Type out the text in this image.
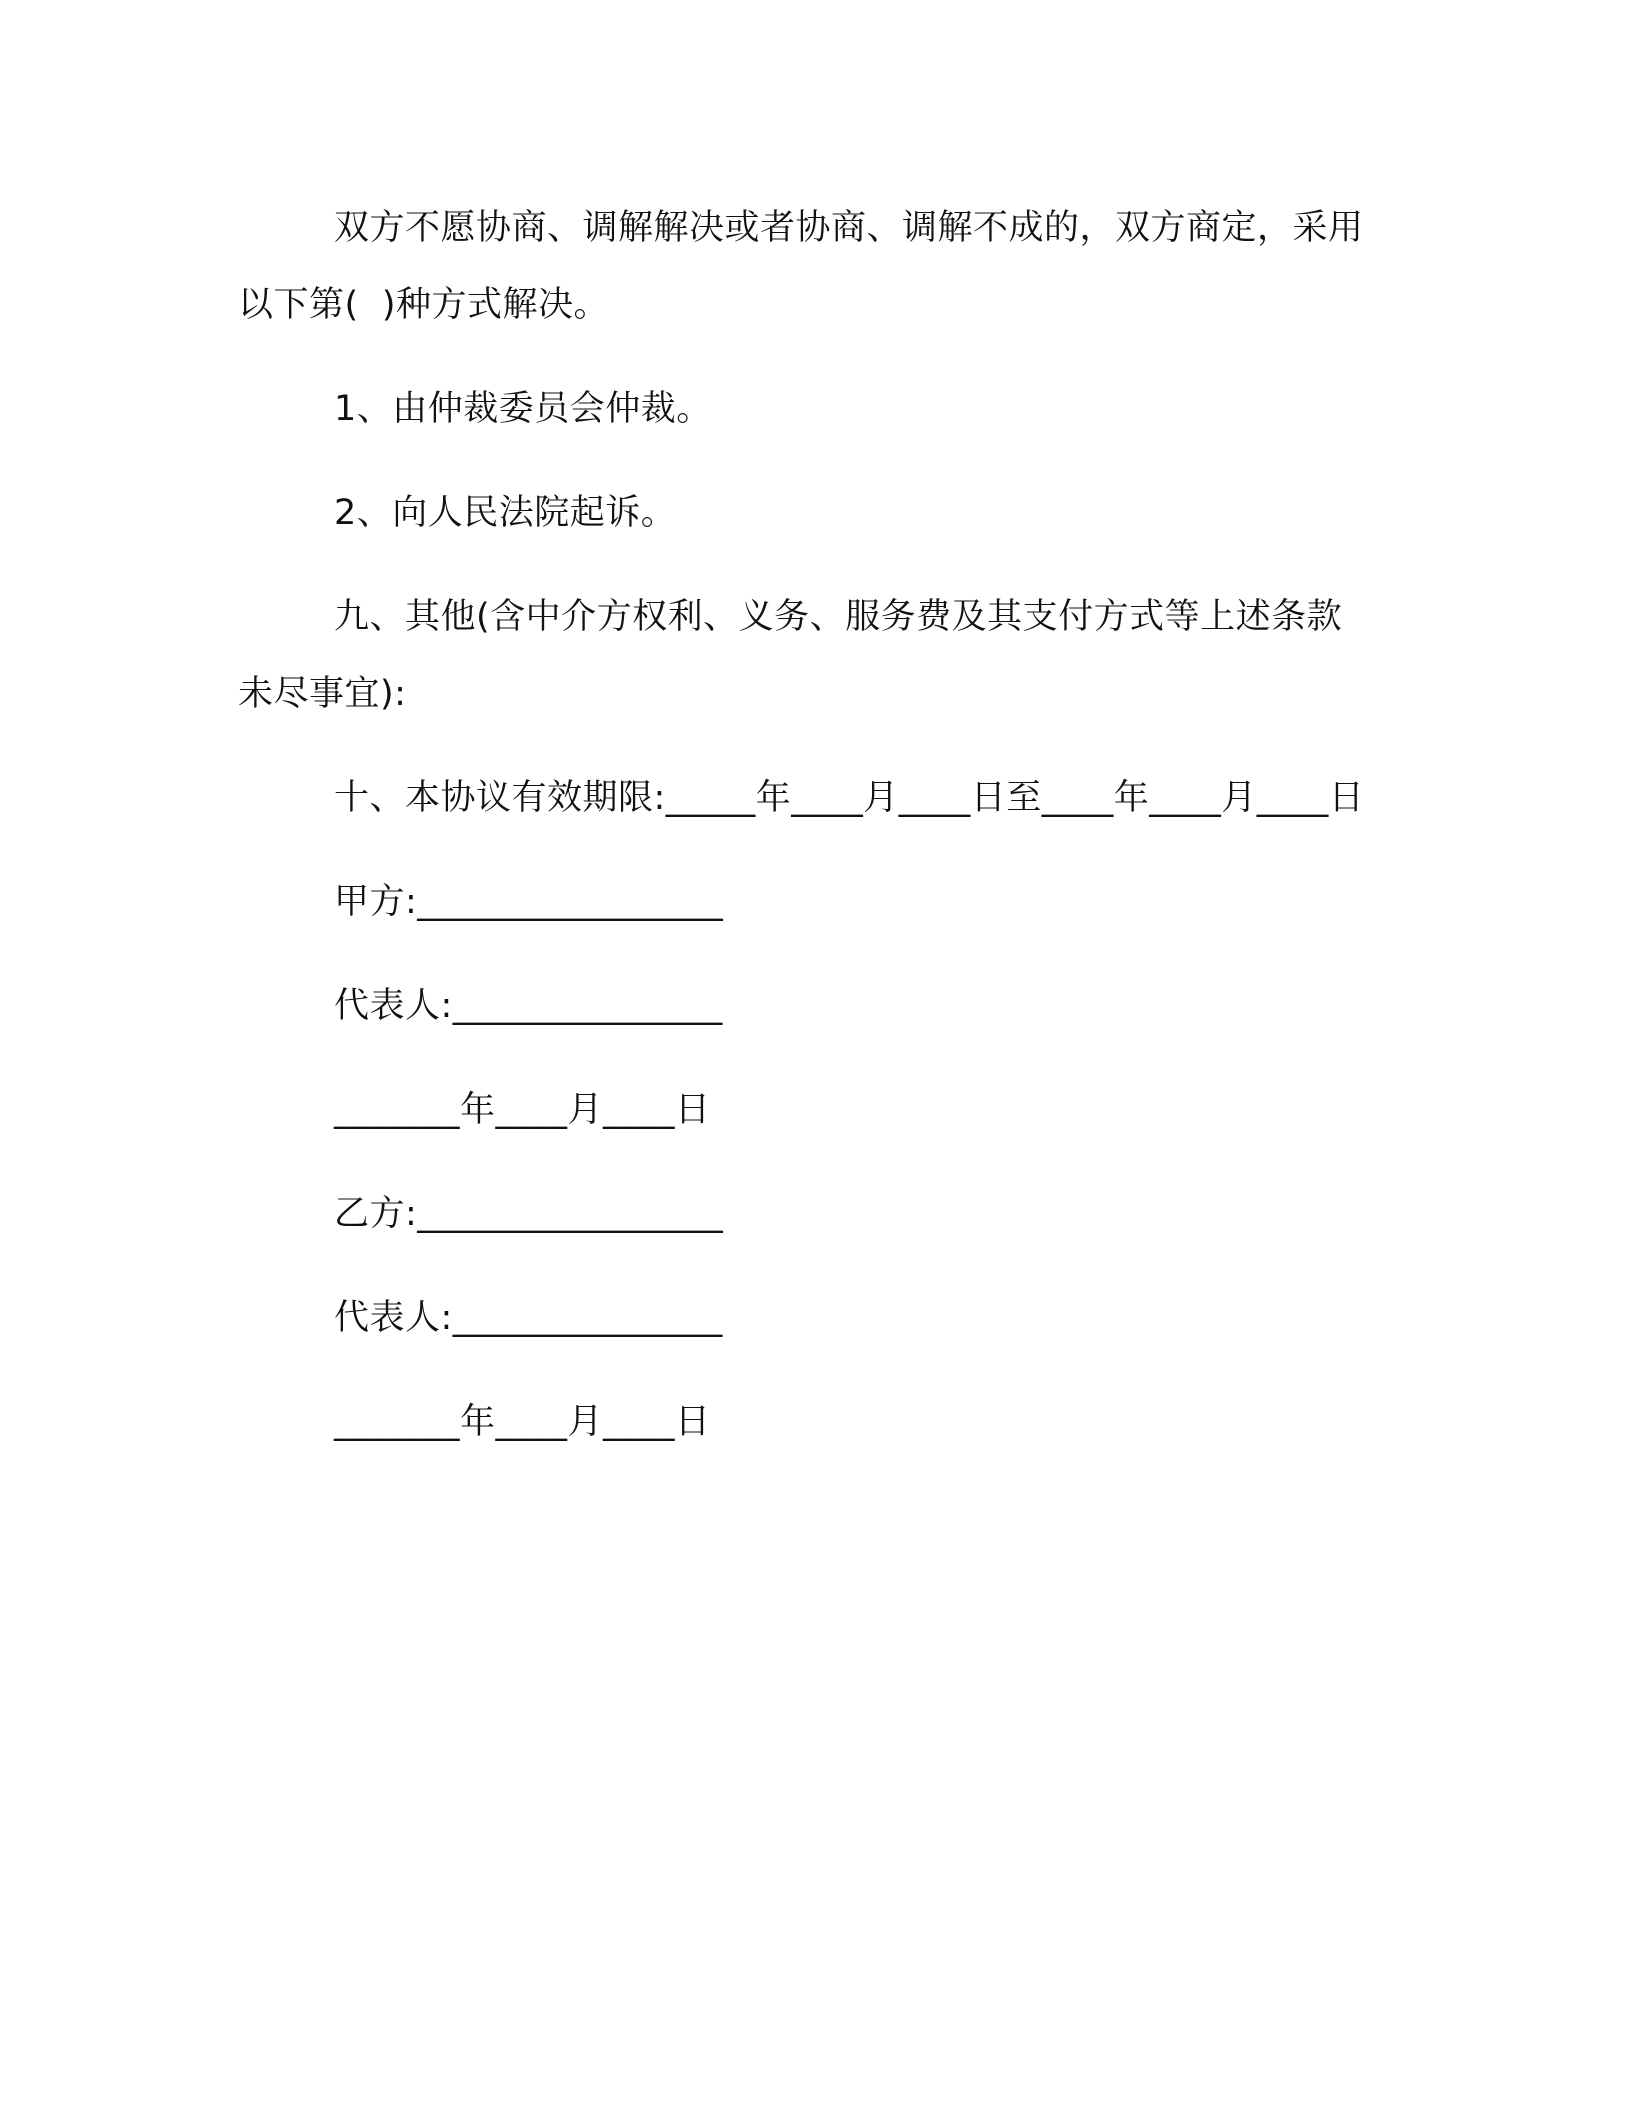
双方不愿协商、调解解决或者协商、调解不成的，双方商定，采用以下第(  )种方式解决。

1、由仲裁委员会仲裁。

2、向人民法院起诉。

九、其他(含中介方权利、义务、服务费及其支付方式等上述条款未尽事宜):

十、本协议有效期限:_____年____月____日至____年____月____日

甲方:_________________

代表人:_______________

_______年____月____日

乙方:_________________

代表人:_______________

_______年____月____日
